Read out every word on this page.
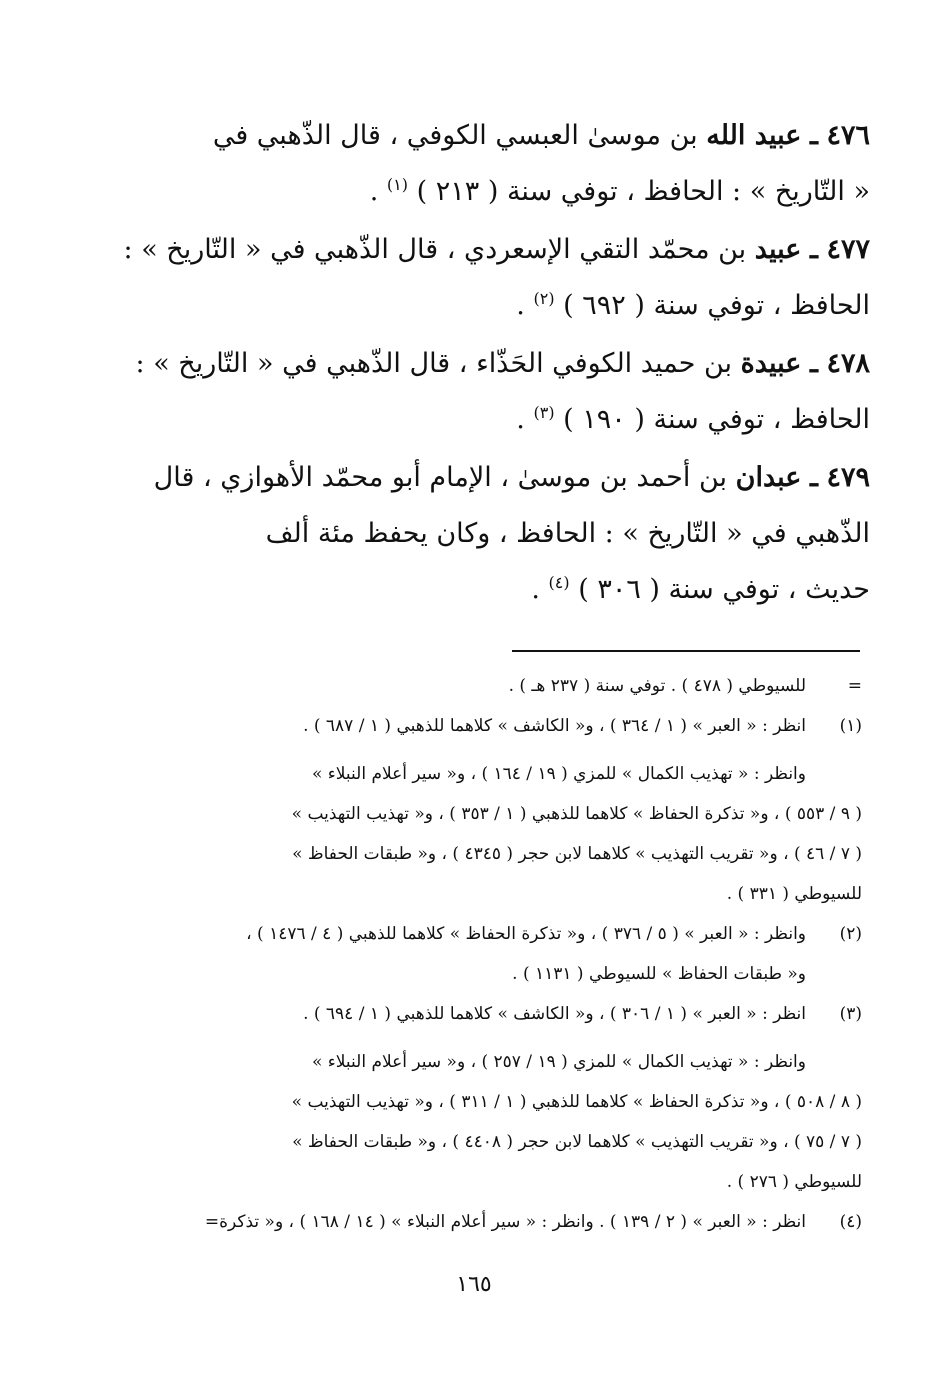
٤٧٦ ـ عبيد الله بن موسىٰ العبسي الكوفي ، قال الذّهبي في
« التّاريخ » : الحافظ ، توفي سنة ( ٢١٣ ) $^{(١)}$ .
٤٧٧ ـ عبيد بن محمّد التقي الإسعردي ، قال الذّهبي في « التّاريخ » :
الحافظ ، توفي سنة ( ٦٩٢ ) $^{(٢)}$ .
٤٧٨ ـ عبيدة بن حميد الكوفي الحَذّاء ، قال الذّهبي في « التّاريخ » :
الحافظ ، توفي سنة ( ١٩٠ ) $^{(٣)}$ .
٤٧٩ ـ عبدان بن أحمد بن موسىٰ ، الإمام أبو محمّد الأهوازي ، قال
الذّهبي في « التّاريخ » : الحافظ ، وكان يحفظ مئة ألف
حديث ، توفي سنة ( ٣٠٦ ) $^{(٤)}$ .
=للسيوطي ( ٤٧٨ ) . توفي سنة ( ٢٣٧ هـ ) .
(١)انظر : « العبر » ( ١ / ٣٦٤ ) ، و« الكاشف » كلاهما للذهبي ( ١ / ٦٨٧ ) .
وانظر : « تهذيب الكمال » للمزي ( ١٩ / ١٦٤ ) ، و« سير أعلام النبلاء »
( ٩ / ٥٥٣ ) ، و« تذكرة الحفاظ » كلاهما للذهبي ( ١ / ٣٥٣ ) ، و« تهذيب التهذيب »
( ٧ / ٤٦ ) ، و« تقريب التهذيب » كلاهما لابن حجر ( ٤٣٤٥ ) ، و« طبقات الحفاظ »
للسيوطي ( ٣٣١ ) .
(٢)وانظر : « العبر » ( ٥ / ٣٧٦ ) ، و« تذكرة الحفاظ » كلاهما للذهبي ( ٤ / ١٤٧٦ ) ،
و« طبقات الحفاظ » للسيوطي ( ١١٣١ ) .
(٣)انظر : « العبر » ( ١ / ٣٠٦ ) ، و« الكاشف » كلاهما للذهبي ( ١ / ٦٩٤ ) .
وانظر : « تهذيب الكمال » للمزي ( ١٩ / ٢٥٧ ) ، و« سير أعلام النبلاء »
( ٨ / ٥٠٨ ) ، و« تذكرة الحفاظ » كلاهما للذهبي ( ١ / ٣١١ ) ، و« تهذيب التهذيب »
( ٧ / ٧٥ ) ، و« تقريب التهذيب » كلاهما لابن حجر ( ٤٤٠٨ ) ، و« طبقات الحفاظ »
للسيوطي ( ٢٧٦ ) .
(٤)انظر : « العبر » ( ٢ / ١٣٩ ) . وانظر : « سير أعلام النبلاء » ( ١٤ / ١٦٨ ) ، و« تذكرة=
١٦٥
